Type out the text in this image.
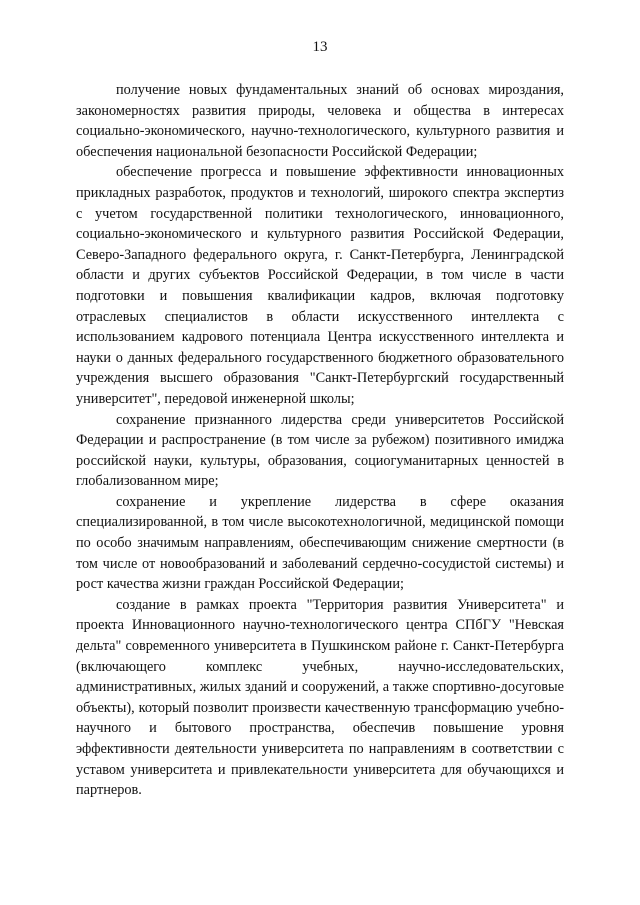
13

получение новых фундаментальных знаний об основах мироздания, закономерностях развития природы, человека и общества в интересах социально-экономического, научно-технологического, культурного развития и обеспечения национальной безопасности Российской Федерации;

обеспечение прогресса и повышение эффективности инновационных прикладных разработок, продуктов и технологий, широкого спектра экспертиз с учетом государственной политики технологического, инновационного, социально-экономического и культурного развития Российской Федерации, Северо-Западного федерального округа, г. Санкт-Петербурга, Ленинградской области и других субъектов Российской Федерации, в том числе в части подготовки и повышения квалификации кадров, включая подготовку отраслевых специалистов в области искусственного интеллекта с использованием кадрового потенциала Центра искусственного интеллекта и науки о данных федерального государственного бюджетного образовательного учреждения высшего образования "Санкт-Петербургский государственный университет", передовой инженерной школы;

сохранение признанного лидерства среди университетов Российской Федерации и распространение (в том числе за рубежом) позитивного имиджа российской науки, культуры, образования, социогуманитарных ценностей в глобализованном мире;

сохранение и укрепление лидерства в сфере оказания специализированной, в том числе высокотехнологичной, медицинской помощи по особо значимым направлениям, обеспечивающим снижение смертности (в том числе от новообразований и заболеваний сердечно-сосудистой системы) и рост качества жизни граждан Российской Федерации;

создание в рамках проекта "Территория развития Университета" и проекта Инновационного научно-технологического центра СПбГУ "Невская дельта" современного университета в Пушкинском районе г. Санкт-Петербурга (включающего комплекс учебных, научно-исследовательских, административных, жилых зданий и сооружений, а также спортивно-досуговые объекты), который позволит произвести качественную трансформацию учебно-научного и бытового пространства, обеспечив повышение уровня эффективности деятельности университета по направлениям в соответствии с уставом университета и привлекательности университета для обучающихся и партнеров.
